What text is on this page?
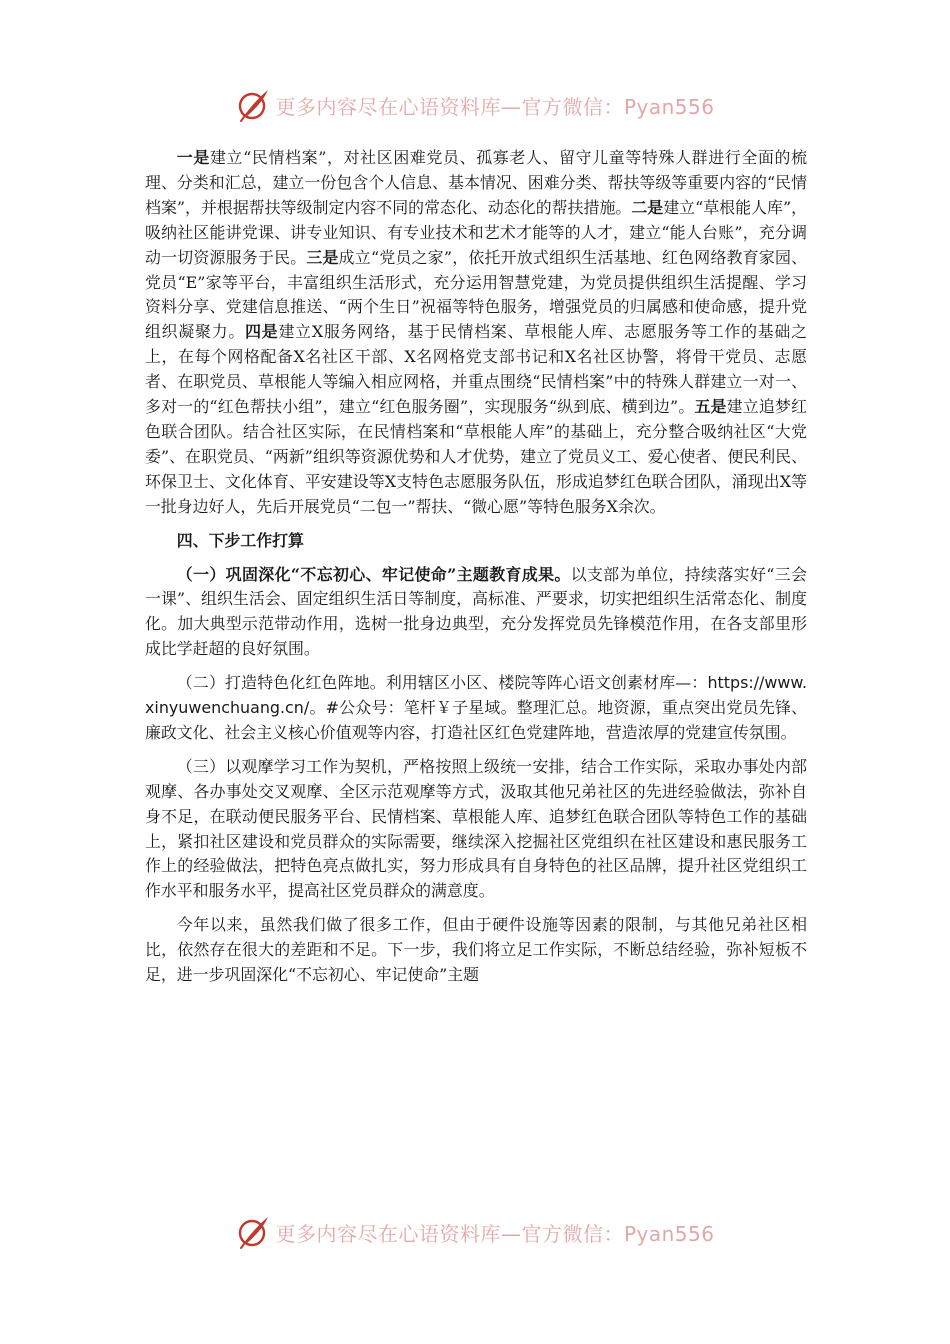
更多内容尽在心语资料库—官方微信：Pyan556

一是建立“民情档案”，对社区困难党员、孤寡老人、留守儿童等特殊人群进行全面的梳理、分类和汇总，建立一份包含个人信息、基本情况、困难分类、帮扶等级等重要内容的“民情档案”，并根据帮扶等级制定内容不同的常态化、动态化的帮扶措施。二是建立“草根能人库”，吸纳社区能讲党课、讲专业知识、有专业技术和艺术才能等的人才，建立“能人台账”，充分调动一切资源服务于民。三是成立“党员之家”，依托开放式组织生活基地、红色网络教育家园、党员“E”家等平台，丰富组织生活形式，充分运用智慧党建，为党员提供组织生活提醒、学习资料分享、党建信息推送、“两个生日”祝福等特色服务，增强党员的归属感和使命感，提升党组织凝聚力。四是建立X服务网络，基于民情档案、草根能人库、志愿服务等工作的基础之上，在每个网格配备X名社区干部、X名网格党支部书记和X名社区协警，将骨干党员、志愿者、在职党员、草根能人等编入相应网格，并重点围绕“民情档案”中的特殊人群建立一对一、多对一的“红色帮扶小组”，建立“红色服务圈”，实现服务“纵到底、横到边”。五是建立追梦红色联合团队。结合社区实际，在民情档案和“草根能人库”的基础上，充分整合吸纳社区“大党委”、在职党员、“两新”组织等资源优势和人才优势，建立了党员义工、爱心使者、便民利民、环保卫士、文化体育、平安建设等X支特色志愿服务队伍，形成追梦红色联合团队，涌现出X等一批身边好人，先后开展党员“二包一”帮扶、“微心愿”等特色服务X余次。

四、下步工作打算

（一）巩固深化“不忘初心、牢记使命”主题教育成果。以支部为单位，持续落实好“三会一课”、组织生活会、固定组织生活日等制度，高标准、严要求，切实把组织生活常态化、制度化。加大典型示范带动作用，选树一批身边典型，充分发挥党员先锋模范作用，在各支部里形成比学赶超的良好氛围。

（二）打造特色化红色阵地。利用辖区小区、楼院等阵心语文创素材库—：https://www.xinyuwenchuang.cn/。#公众号：笔杆￥子星域。整理汇总。地资源，重点突出党员先锋、廉政文化、社会主义核心价值观等内容，打造社区红色党建阵地，营造浓厚的党建宣传氛围。

（三）以观摩学习工作为契机，严格按照上级统一安排，结合工作实际，采取办事处内部观摩、各办事处交叉观摩、全区示范观摩等方式，汲取其他兄弟社区的先进经验做法，弥补自身不足，在联动便民服务平台、民情档案、草根能人库、追梦红色联合团队等特色工作的基础上，紧扣社区建设和党员群众的实际需要，继续深入挖掘社区党组织在社区建设和惠民服务工作上的经验做法，把特色亮点做扎实，努力形成具有自身特色的社区品牌，提升社区党组织工作水平和服务水平，提高社区党员群众的满意度。

今年以来，虽然我们做了很多工作，但由于硬件设施等因素的限制，与其他兄弟社区相比，依然存在很大的差距和不足。下一步，我们将立足工作实际，不断总结经验，弥补短板不足，进一步巩固深化“不忘初心、牢记使命”主题

更多内容尽在心语资料库—官方微信：Pyan556
